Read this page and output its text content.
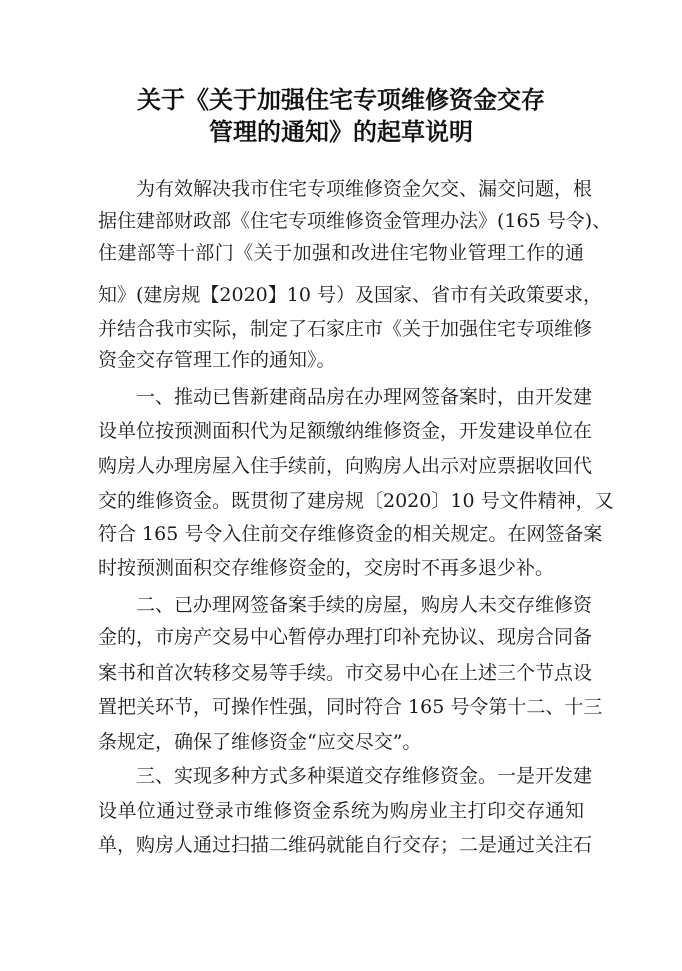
关于《关于加强住宅专项维修资金交存
管理的通知》的起草说明
为有效解决我市住宅专项维修资金欠交、漏交问题，根
据住建部财政部《住宅专项维修资金管理办法》(165 号令)、
住建部等十部门《关于加强和改进住宅物业管理工作的通
知》(建房规【2020】10 号）及国家、省市有关政策要求，
并结合我市实际，制定了石家庄市《关于加强住宅专项维修
资金交存管理工作的通知》。
一、推动已售新建商品房在办理网签备案时，由开发建
设单位按预测面积代为足额缴纳维修资金，开发建设单位在
购房人办理房屋入住手续前，向购房人出示对应票据收回代
交的维修资金。既贯彻了建房规〔2020〕10 号文件精神，又
符合 165 号令入住前交存维修资金的相关规定。在网签备案
时按预测面积交存维修资金的，交房时不再多退少补。
二、已办理网签备案手续的房屋，购房人未交存维修资
金的，市房产交易中心暂停办理打印补充协议、现房合同备
案书和首次转移交易等手续。市交易中心在上述三个节点设
置把关环节，可操作性强，同时符合 165 号令第十二、十三
条规定，确保了维修资金“应交尽交”。
三、实现多种方式多种渠道交存维修资金。一是开发建
设单位通过登录市维修资金系统为购房业主打印交存通知
单，购房人通过扫描二维码就能自行交存；二是通过关注石
